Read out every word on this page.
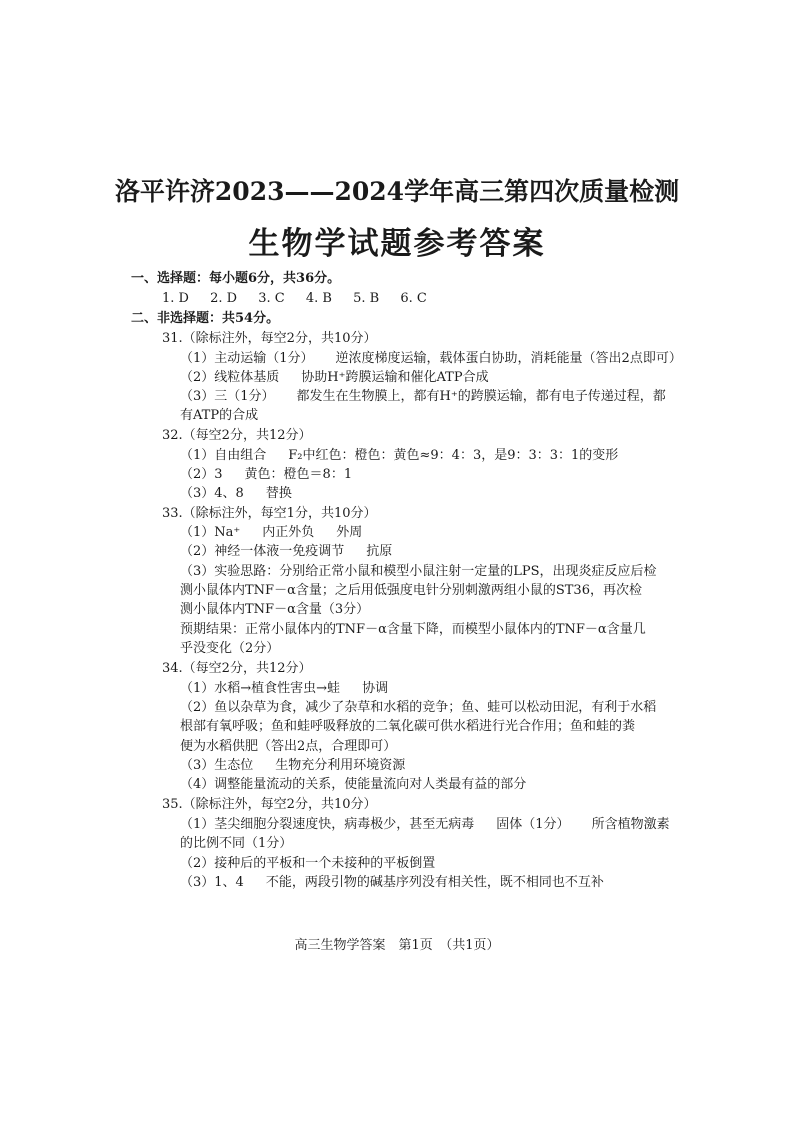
洛平许济2023——2024学年高三第四次质量检测
生物学试题参考答案
一、选择题：每小题6分，共36分。
1. D 2. D 3. C 4. B 5. B 6. C
二、非选择题：共54分。
31.（除标注外，每空2分，共10分）
（1）主动运输（1分） 逆浓度梯度运输，载体蛋白协助，消耗能量（答出2点即可）
（2）线粒体基质 协助H⁺跨膜运输和催化ATP合成
（3）三（1分） 都发生在生物膜上，都有H⁺的跨膜运输，都有电子传递过程，都
有ATP的合成
32.（每空2分，共12分）
（1）自由组合 F₂中红色：橙色：黄色≈9：4：3，是9：3：3：1的变形
（2）3 黄色：橙色＝8：1
（3）4、8 替换
33.（除标注外，每空1分，共10分）
（1）Na⁺ 内正外负 外周
（2）神经一体液一免疫调节 抗原
（3）实验思路：分别给正常小鼠和模型小鼠注射一定量的LPS，出现炎症反应后检
测小鼠体内TNF－α含量；之后用低强度电针分别刺激两组小鼠的ST36，再次检
测小鼠体内TNF－α含量（3分）
预期结果：正常小鼠体内的TNF－α含量下降，而模型小鼠体内的TNF－α含量几
乎没变化（2分）
34.（每空2分，共12分）
（1）水稻→植食性害虫→蛙 协调
（2）鱼以杂草为食，减少了杂草和水稻的竞争；鱼、蛙可以松动田泥，有利于水稻
根部有氧呼吸；鱼和蛙呼吸释放的二氧化碳可供水稻进行光合作用；鱼和蛙的粪
便为水稻供肥（答出2点，合理即可）
（3）生态位 生物充分利用环境资源
（4）调整能量流动的关系，使能量流向对人类最有益的部分
35.（除标注外，每空2分，共10分）
（1）茎尖细胞分裂速度快，病毒极少，甚至无病毒 固体（1分） 所含植物激素
的比例不同（1分）
（2）接种后的平板和一个未接种的平板倒置
（3）1、4 不能，两段引物的碱基序列没有相关性，既不相同也不互补
高三生物学答案　第1页　（共1页）
